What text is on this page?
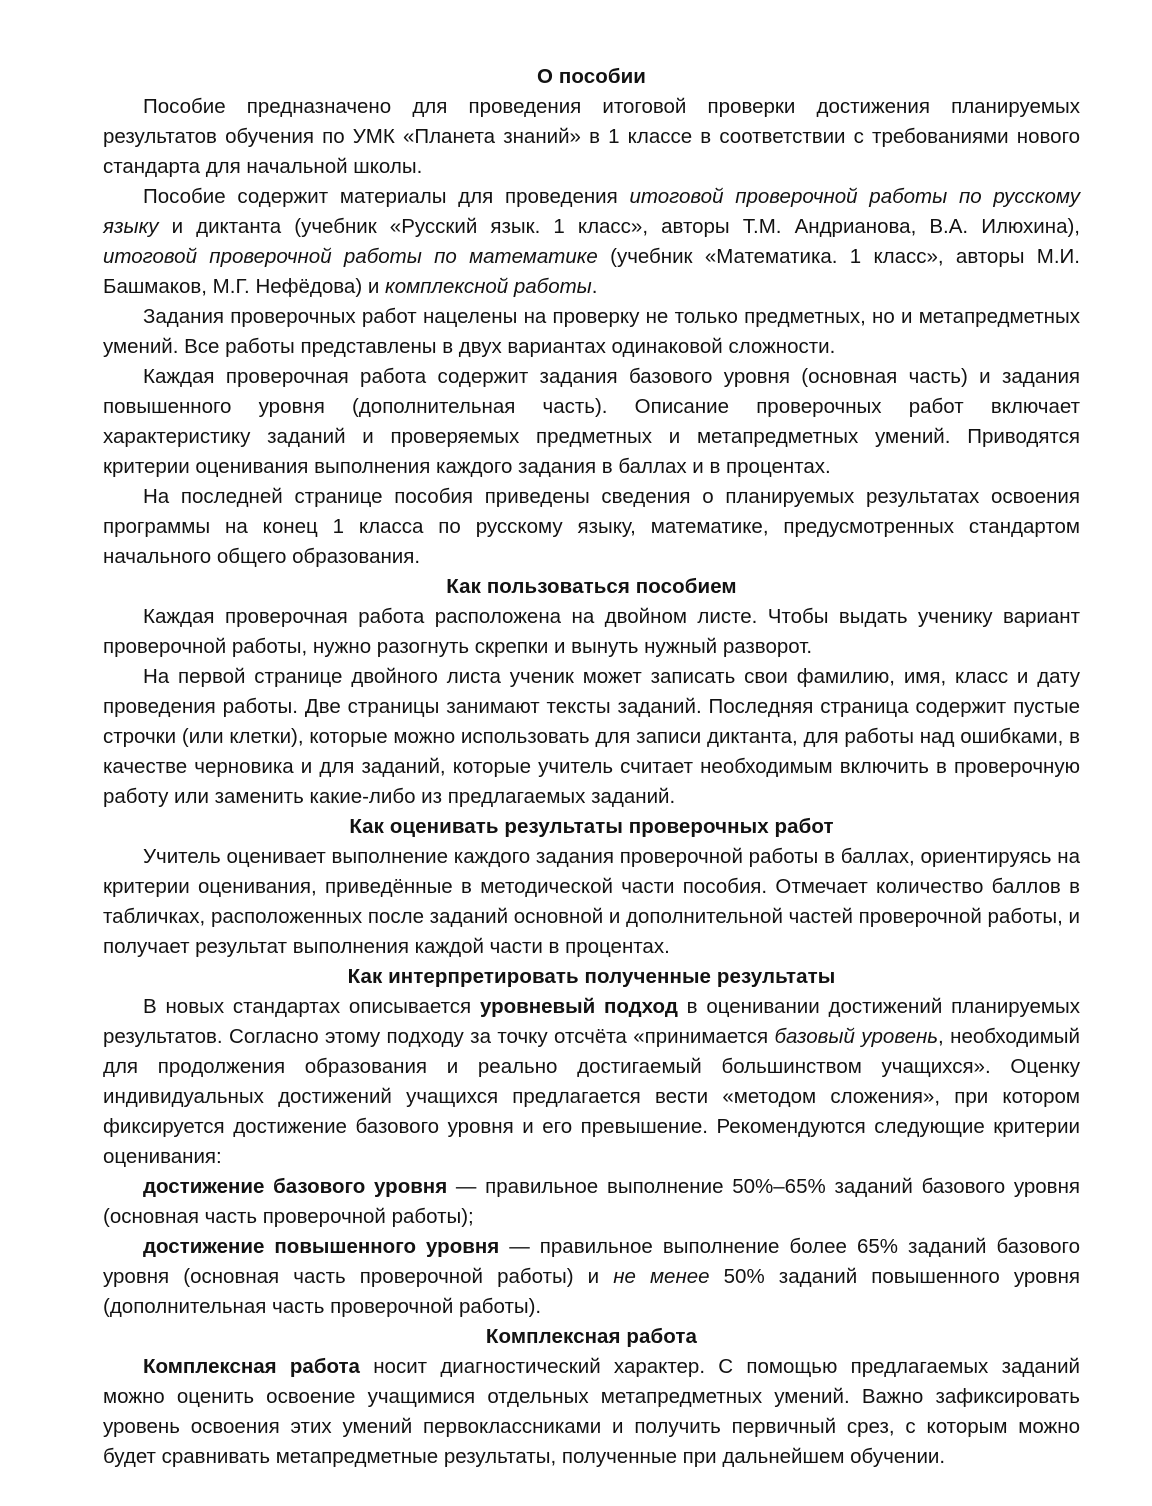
О пособии

Пособие предназначено для проведения итоговой проверки достижения планируемых результатов обучения по УМК «Планета знаний» в 1 классе в соответствии с требованиями нового стандарта для начальной школы.

Пособие содержит материалы для проведения итоговой проверочной работы по русскому языку и диктанта (учебник «Русский язык. 1 класс», авторы Т.М. Андрианова, В.А. Илюхина), итоговой проверочной работы по математике (учебник «Математика. 1 класс», авторы М.И. Башмаков, М.Г. Нефёдова) и комплексной работы.

Задания проверочных работ нацелены на проверку не только предметных, но и метапредметных умений. Все работы представлены в двух вариантах одинаковой сложности.

Каждая проверочная работа содержит задания базового уровня (основная часть) и задания повышенного уровня (дополнительная часть). Описание проверочных работ включает характеристику заданий и проверяемых предметных и метапредметных умений. Приводятся критерии оценивания выполнения каждого задания в баллах и в процентах.

На последней странице пособия приведены сведения о планируемых результатах освоения программы на конец 1 класса по русскому языку, математике, предусмотренных стандартом начального общего образования.

Как пользоваться пособием

Каждая проверочная работа расположена на двойном листе. Чтобы выдать ученику вариант проверочной работы, нужно разогнуть скрепки и вынуть нужный разворот.

На первой странице двойного листа ученик может записать свои фамилию, имя, класс и дату проведения работы. Две страницы занимают тексты заданий. Последняя страница содержит пустые строчки (или клетки), которые можно использовать для записи диктанта, для работы над ошибками, в качестве черновика и для заданий, которые учитель считает необходимым включить в проверочную работу или заменить какие-либо из предлагаемых заданий.

Как оценивать результаты проверочных работ

Учитель оценивает выполнение каждого задания проверочной работы в баллах, ориентируясь на критерии оценивания, приведённые в методической части пособия. Отмечает количество баллов в табличках, расположенных после заданий основной и дополнительной частей проверочной работы, и получает результат выполнения каждой части в процентах.

Как интерпретировать полученные результаты

В новых стандартах описывается уровневый подход в оценивании достижений планируемых результатов. Согласно этому подходу за точку отсчёта «принимается базовый уровень, необходимый для продолжения образования и реально достигаемый большинством учащихся». Оценку индивидуальных достижений учащихся предлагается вести «методом сложения», при котором фиксируется достижение базового уровня и его превышение. Рекомендуются следующие критерии оценивания:

достижение базового уровня — правильное выполнение 50%–65% заданий базового уровня (основная часть проверочной работы);

достижение повышенного уровня — правильное выполнение более 65% заданий базового уровня (основная часть проверочной работы) и не менее 50% заданий повышенного уровня (дополнительная часть проверочной работы).

Комплексная работа

Комплексная работа носит диагностический характер. С помощью предлагаемых заданий можно оценить освоение учащимися отдельных метапредметных умений. Важно зафиксировать уровень освоения этих умений первоклассниками и получить первичный срез, с которым можно будет сравнивать метапредметные результаты, полученные при дальнейшем обучении.
